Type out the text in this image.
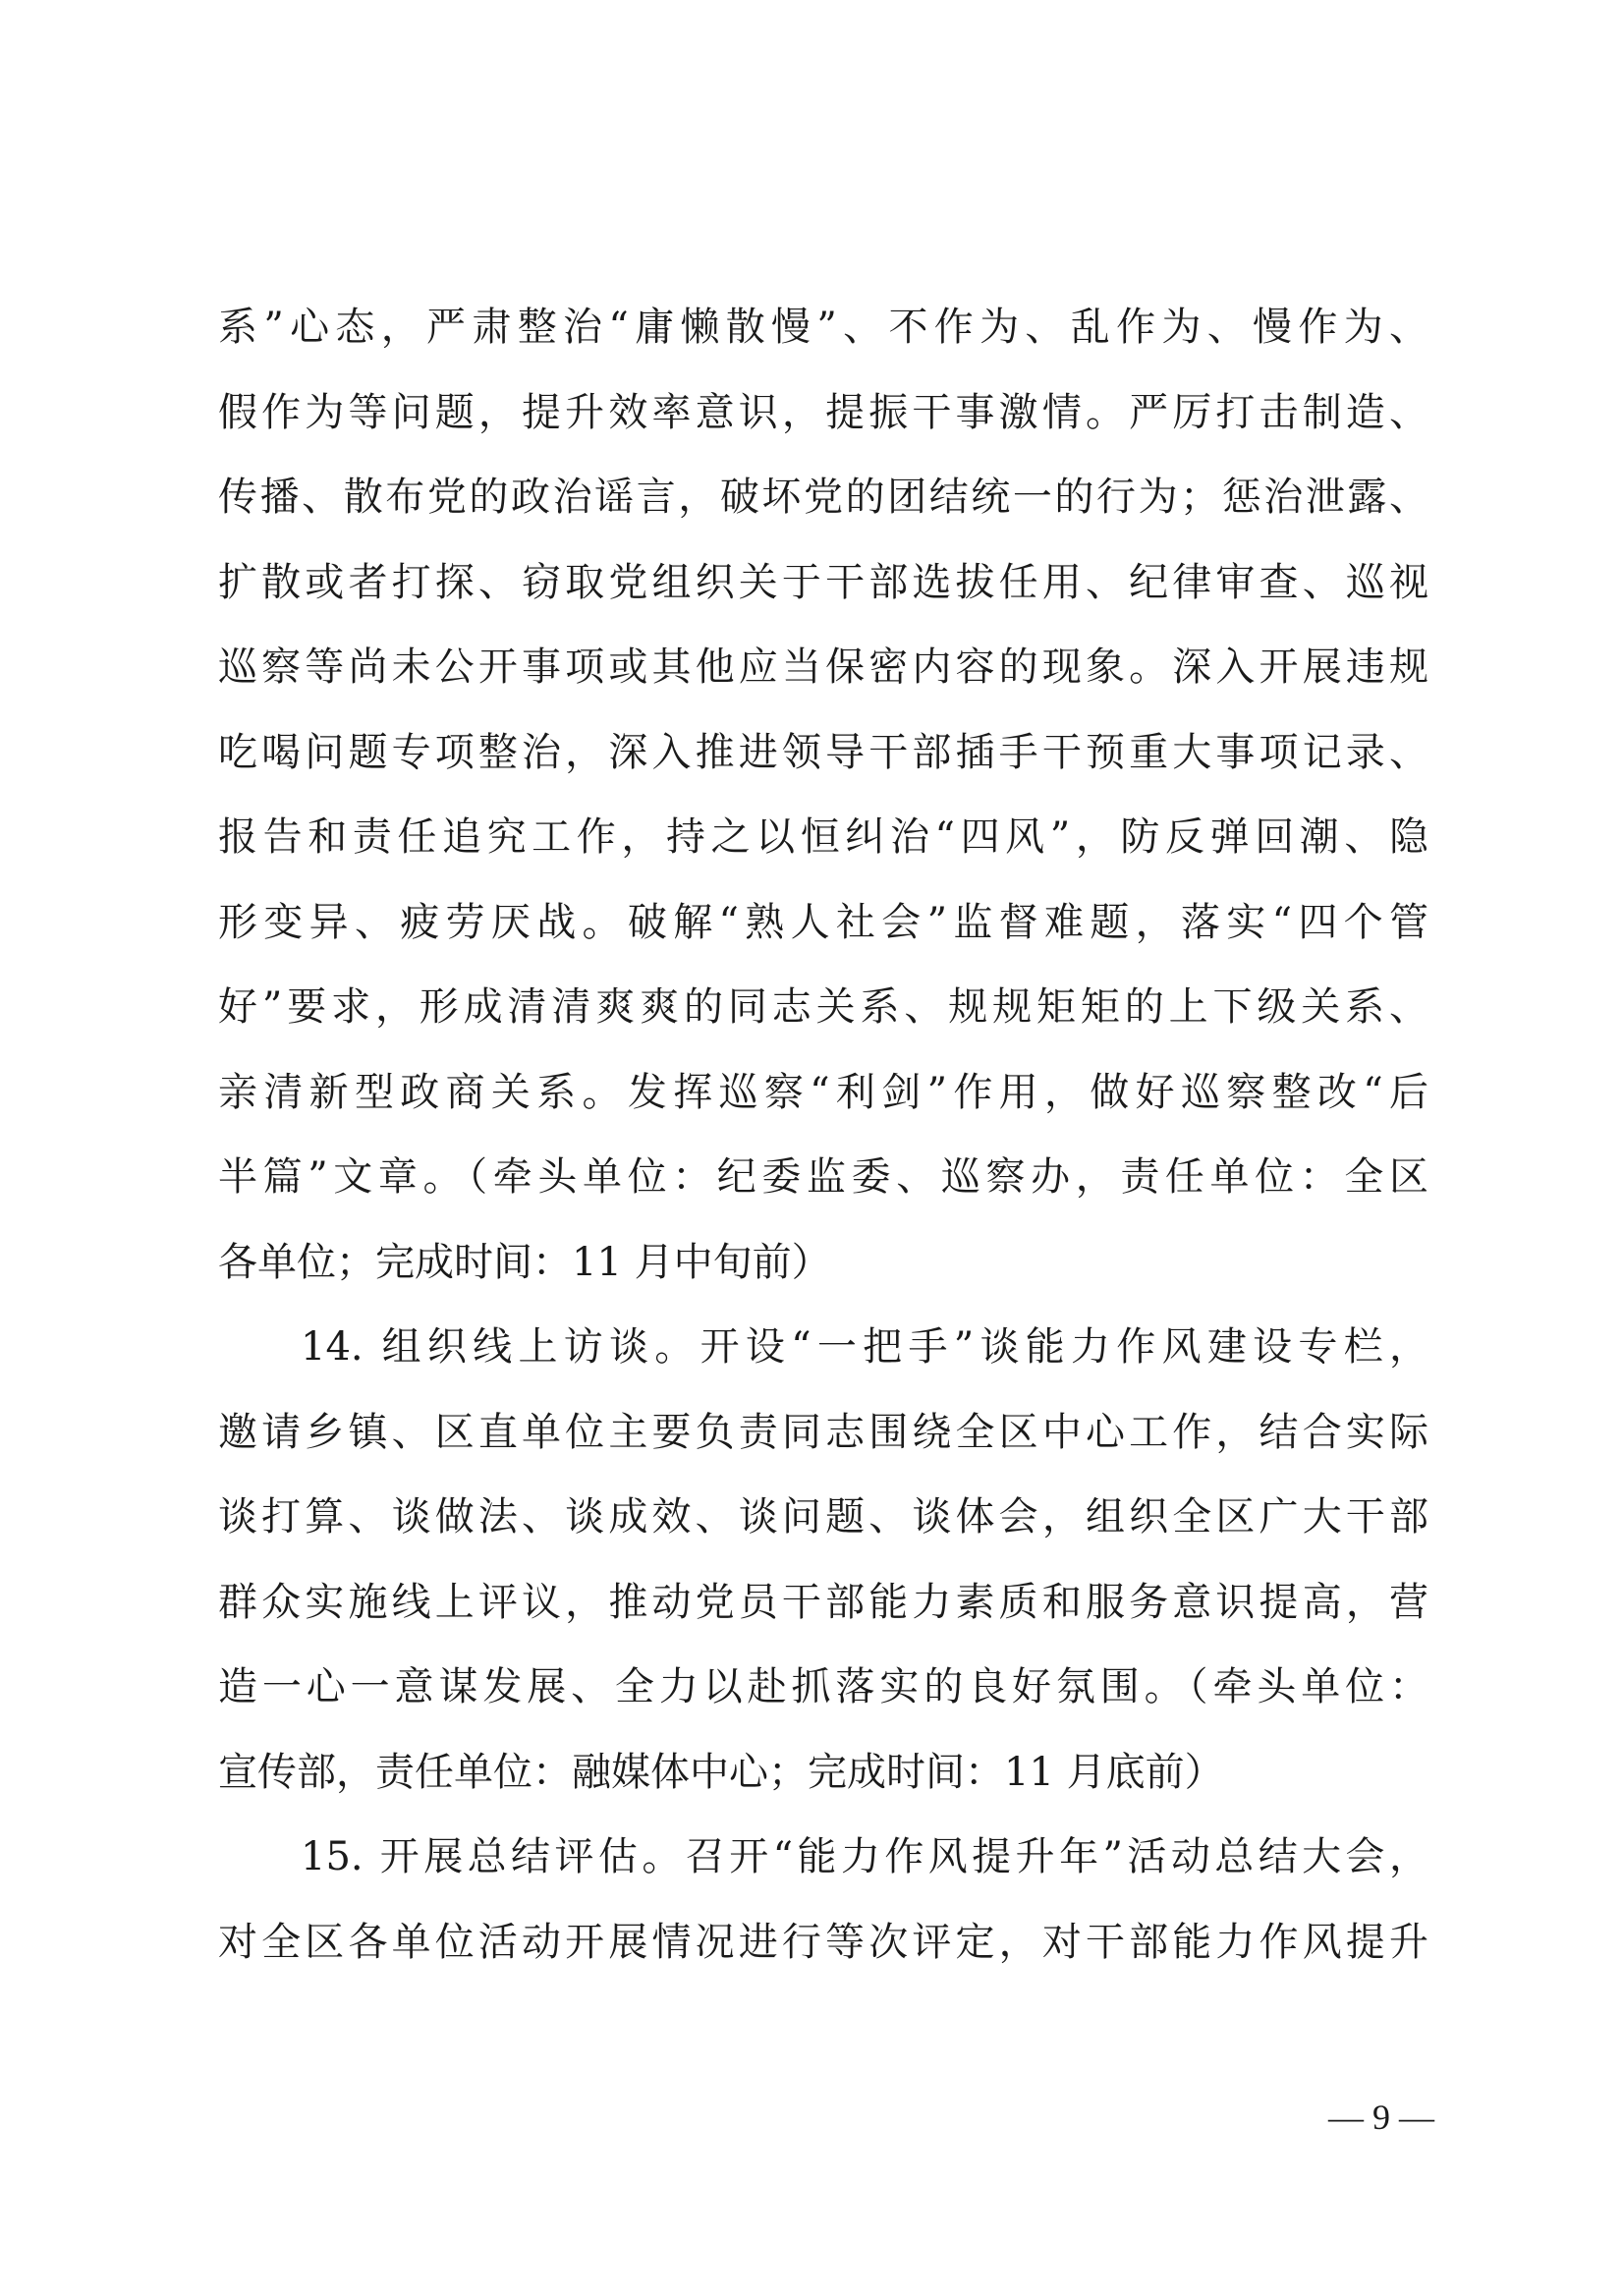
系”心态，严肃整治“庸懒散慢”、不作为、乱作为、慢作为、
假作为等问题，提升效率意识，提振干事激情。严厉打击制造、
传播、散布党的政治谣言，破坏党的团结统一的行为；惩治泄露、
扩散或者打探、窃取党组织关于干部选拔任用、纪律审查、巡视
巡察等尚未公开事项或其他应当保密内容的现象。深入开展违规
吃喝问题专项整治，深入推进领导干部插手干预重大事项记录、
报告和责任追究工作，持之以恒纠治“四风”，防反弹回潮、隐
形变异、疲劳厌战。破解“熟人社会”监督难题，落实“四个管
好”要求，形成清清爽爽的同志关系、规规矩矩的上下级关系、
亲清新型政商关系。发挥巡察“利剑”作用，做好巡察整改“后
半篇”文章。（牵头单位：纪委监委、巡察办，责任单位：全区
各单位；完成时间：11 月中旬前）
14. 组织线上访谈。开设“一把手”谈能力作风建设专栏，
邀请乡镇、区直单位主要负责同志围绕全区中心工作，结合实际
谈打算、谈做法、谈成效、谈问题、谈体会，组织全区广大干部
群众实施线上评议，推动党员干部能力素质和服务意识提高，营
造一心一意谋发展、全力以赴抓落实的良好氛围。（牵头单位：
宣传部，责任单位：融媒体中心；完成时间：11 月底前）
15. 开展总结评估。召开“能力作风提升年”活动总结大会，
对全区各单位活动开展情况进行等次评定，对干部能力作风提升
— 9 —
